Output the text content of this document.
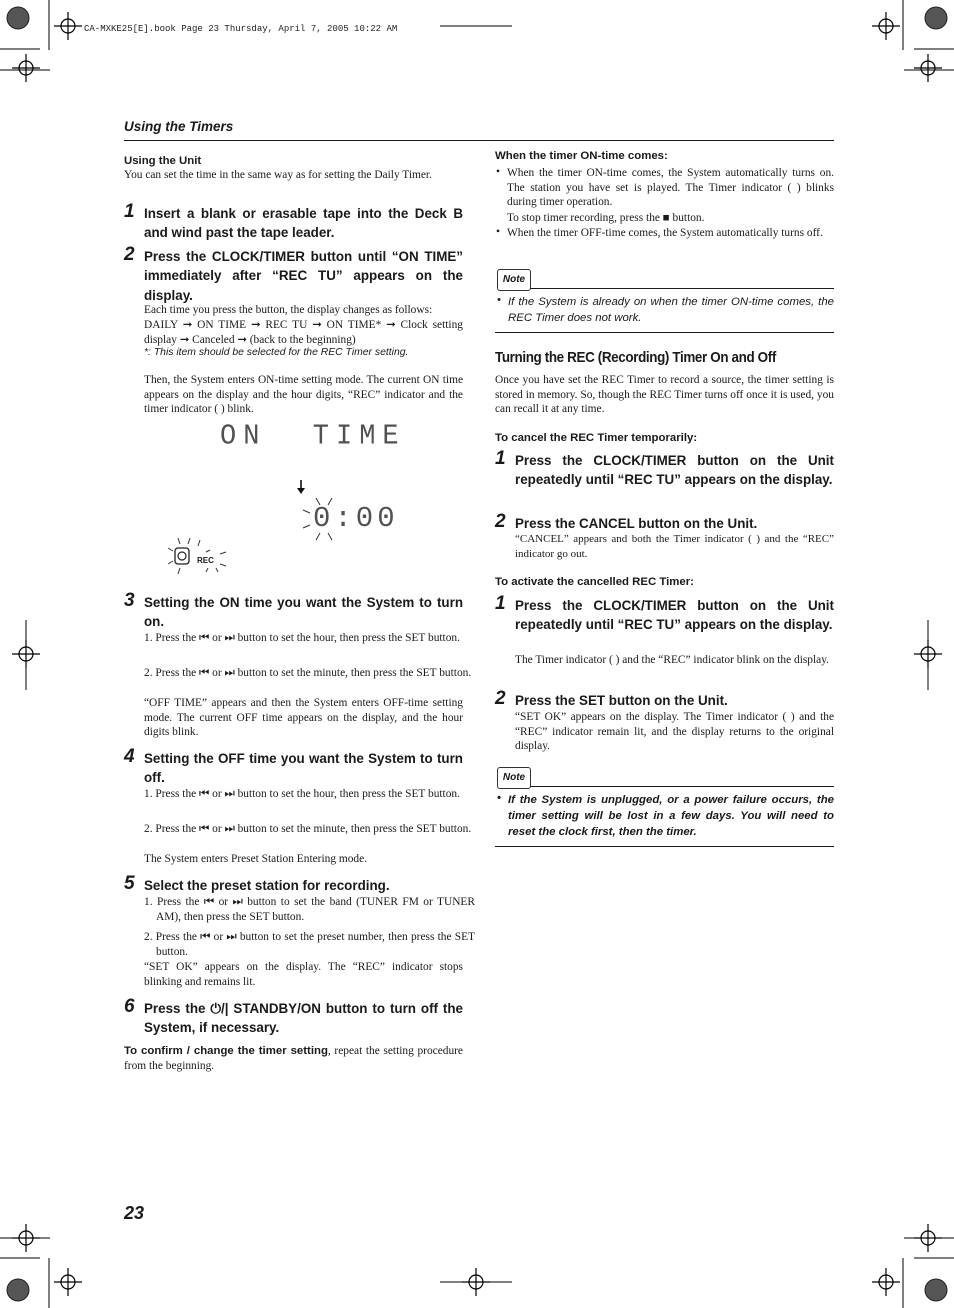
CA-MXKE25[E].book Page 23 Thursday, April 7, 2005 10:22 AM
Using the Timers
Using the Unit
You can set the time in the same way as for setting the Daily Timer.
1 Insert a blank or erasable tape into the Deck B and wind past the tape leader.
2 Press the CLOCK/TIMER button until “ON TIME” immediately after “REC TU” appears on the display.
Each time you press the button, the display changes as follows:
DAILY ➞ ON TIME ➞ REC TU ➞ ON TIME* ➞ Clock setting display ➞ Canceled ➞ (back to the beginning)
*: This item should be selected for the REC Timer setting.
Then, the System enters ON-time setting mode. The current ON time appears on the display and the hour digits, “REC” indicator and the timer indicator ( ) blink.
ON  TIME
0:00
REC
3 Setting the ON time you want the System to turn on.
1. Press the ⏮ or ⏭ button to set the hour, then press the SET button.
2. Press the ⏮ or ⏭ button to set the minute, then press the SET button.
“OFF TIME” appears and then the System enters OFF-time setting mode. The current OFF time appears on the display, and the hour digits blink.
4 Setting the OFF time you want the System to turn off.
1. Press the ⏮ or ⏭ button to set the hour, then press the SET button.
2. Press the ⏮ or ⏭ button to set the minute, then press the SET button.
The System enters Preset Station Entering mode.
5 Select the preset station for recording.
1. Press the ⏮ or ⏭ button to set the band (TUNER FM or TUNER AM), then press the SET button.
2. Press the ⏮ or ⏭ button to set the preset number, then press the SET button.
“SET OK” appears on the display. The “REC” indicator stops blinking and remains lit.
6 Press the ⏻/| STANDBY/ON button to turn off the System, if necessary.
To confirm / change the timer setting, repeat the setting procedure from the beginning.
When the timer ON-time comes:
• When the timer ON-time comes, the System automatically turns on. The station you have set is played. The Timer indicator ( ) blinks during timer operation.
To stop timer recording, press the ■ button.
• When the timer OFF-time comes, the System automatically turns off.
Note
• If the System is already on when the timer ON-time comes, the REC Timer does not work.
Turning the REC (Recording) Timer On and Off
Once you have set the REC Timer to record a source, the timer setting is stored in memory. So, though the REC Timer turns off once it is used, you can recall it at any time.
To cancel the REC Timer temporarily:
1 Press the CLOCK/TIMER button on the Unit repeatedly until “REC TU” appears on the display.
2 Press the CANCEL button on the Unit.
“CANCEL” appears and both the Timer indicator ( ) and the “REC” indicator go out.
To activate the cancelled REC Timer:
1 Press the CLOCK/TIMER button on the Unit repeatedly until “REC TU” appears on the display.
The Timer indicator ( ) and the “REC” indicator blink on the display.
2 Press the SET button on the Unit.
“SET OK” appears on the display. The Timer indicator ( ) and the “REC” indicator remain lit, and the display returns to the original display.
Note
• If the System is unplugged, or a power failure occurs, the timer setting will be lost in a few days. You will need to reset the clock first, then the timer.
23
